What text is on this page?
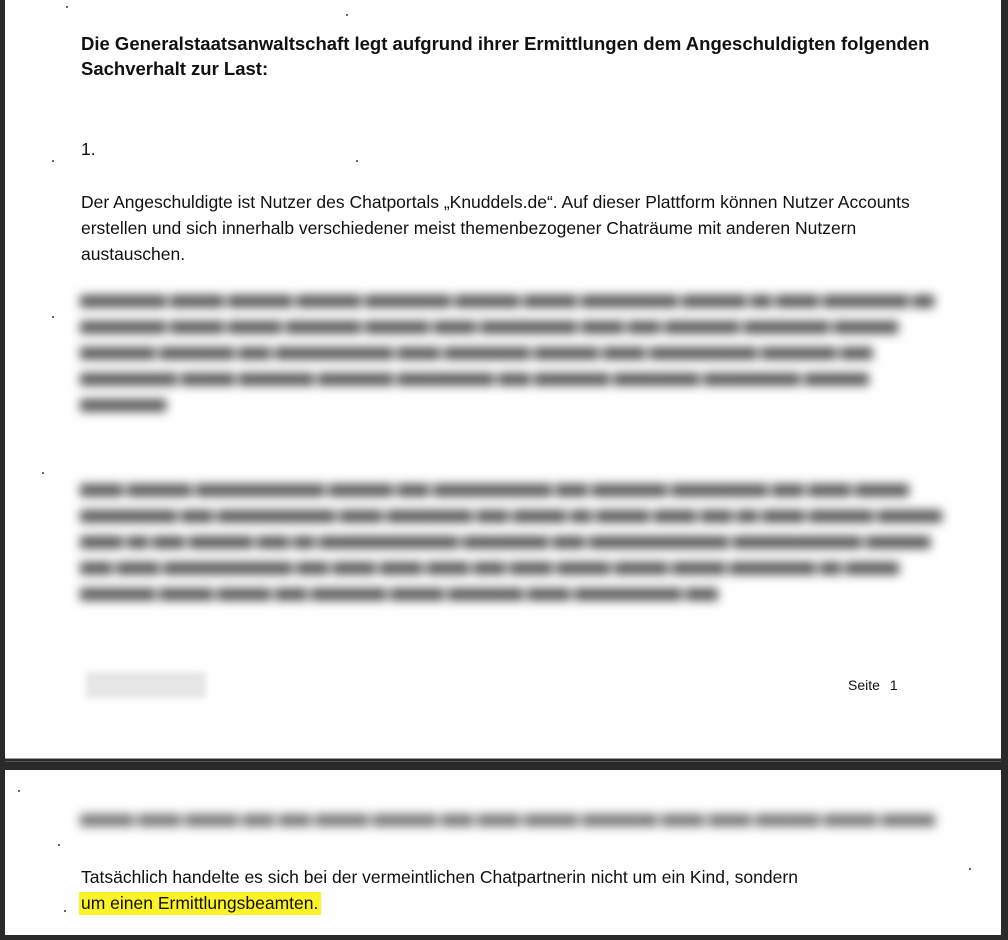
Die Generalstaatsanwaltschaft legt aufgrund ihrer Ermittlungen dem Angeschuldigten folgenden Sachverhalt zur Last:

1.

Der Angeschuldigte ist Nutzer des Chatportals „Knuddels.de“. Auf dieser Plattform können Nutzer Accounts erstellen und sich innerhalb verschiedener meist themenbezogener Chaträume mit anderen Nutzern austauschen.

▆▆▆▆▆▆▆▆ ▆▆▆▆▆ ▆▆▆▆▆▆ ▆▆▆▆▆▆ ▆▆▆▆▆▆▆▆ ▆▆▆▆▆▆ ▆▆▆▆▆ ▆▆▆▆▆▆▆▆▆ ▆▆▆▆▆▆ ▆▆ ▆▆▆▆ ▆▆▆▆▆▆▆▆ ▆▆ ▆▆▆▆▆▆▆▆ ▆▆▆▆▆ ▆▆▆▆▆ ▆▆▆▆▆▆▆ ▆▆▆▆▆▆ ▆▆▆▆ ▆▆▆▆▆▆▆▆▆ ▆▆▆▆ ▆▆▆ ▆▆▆▆▆▆▆ ▆▆▆▆▆▆▆▆ ▆▆▆▆▆▆ ▆▆▆▆▆▆▆ ▆▆▆▆▆▆▆ ▆▆▆ ▆▆▆▆▆▆▆▆▆▆▆ ▆▆▆▆ ▆▆▆▆▆▆▆▆ ▆▆▆▆▆▆ ▆▆▆▆ ▆▆▆▆▆▆▆▆▆▆ ▆▆▆▆▆▆▆ ▆▆▆ ▆▆▆▆▆▆▆▆▆ ▆▆▆▆▆ ▆▆▆▆▆▆▆ ▆▆▆▆▆▆▆ ▆▆▆▆▆▆▆▆▆ ▆▆▆ ▆▆▆▆▆▆▆ ▆▆▆▆▆▆▆▆ ▆▆▆▆▆▆▆▆▆ ▆▆▆▆▆▆ ▆▆▆▆▆▆▆▆
▆▆▆▆ ▆▆▆▆▆▆ ▆▆▆▆▆▆▆▆▆▆▆▆ ▆▆▆▆▆▆ ▆▆▆ ▆▆▆▆▆▆▆▆▆▆▆ ▆▆▆ ▆▆▆▆▆▆▆ ▆▆▆▆▆▆▆▆▆ ▆▆▆ ▆▆▆▆ ▆▆▆▆▆ ▆▆▆▆▆▆▆▆▆ ▆▆▆ ▆▆▆▆▆▆▆▆▆▆▆ ▆▆▆▆ ▆▆▆▆▆▆▆▆ ▆▆▆ ▆▆▆▆▆ ▆▆ ▆▆▆▆▆ ▆▆▆▆ ▆▆▆ ▆▆ ▆▆▆▆ ▆▆▆▆▆▆ ▆▆▆▆▆▆ ▆▆▆▆ ▆▆ ▆▆▆ ▆▆▆▆▆▆ ▆▆▆ ▆▆ ▆▆▆▆▆▆▆▆▆▆▆▆▆ ▆▆▆▆▆▆▆▆ ▆▆▆ ▆▆▆▆▆▆▆▆▆▆▆▆▆ ▆▆▆▆▆▆▆▆▆▆▆▆ ▆▆▆▆▆▆ ▆▆▆ ▆▆▆▆ ▆▆▆▆▆▆▆▆▆▆▆▆ ▆▆▆ ▆▆▆▆ ▆▆▆▆ ▆▆▆▆ ▆▆▆ ▆▆▆▆ ▆▆▆▆▆ ▆▆▆▆▆ ▆▆▆▆▆ ▆▆▆▆▆▆▆▆ ▆▆ ▆▆▆▆▆ ▆▆▆▆▆▆▆ ▆▆▆▆▆ ▆▆▆▆▆ ▆▆▆ ▆▆▆▆▆▆▆ ▆▆▆▆▆ ▆▆▆▆▆▆▆ ▆▆▆▆ ▆▆▆▆▆▆▆▆▆▆ ▆▆▆
Seite 1
▆▆▆▆▆ ▆▆▆▆ ▆▆▆▆▆ ▆▆▆ ▆▆▆ ▆▆▆▆▆ ▆▆▆▆▆▆ ▆▆▆ ▆▆▆▆ ▆▆▆▆▆ ▆▆▆▆▆▆▆ ▆▆▆▆ ▆▆▆▆ ▆▆▆▆▆▆ ▆▆▆▆▆ ▆▆▆▆▆

Tatsächlich handelte es sich bei der vermeintlichen Chatpartnerin nicht um ein Kind, sondern
um einen Ermittlungsbeamten.
